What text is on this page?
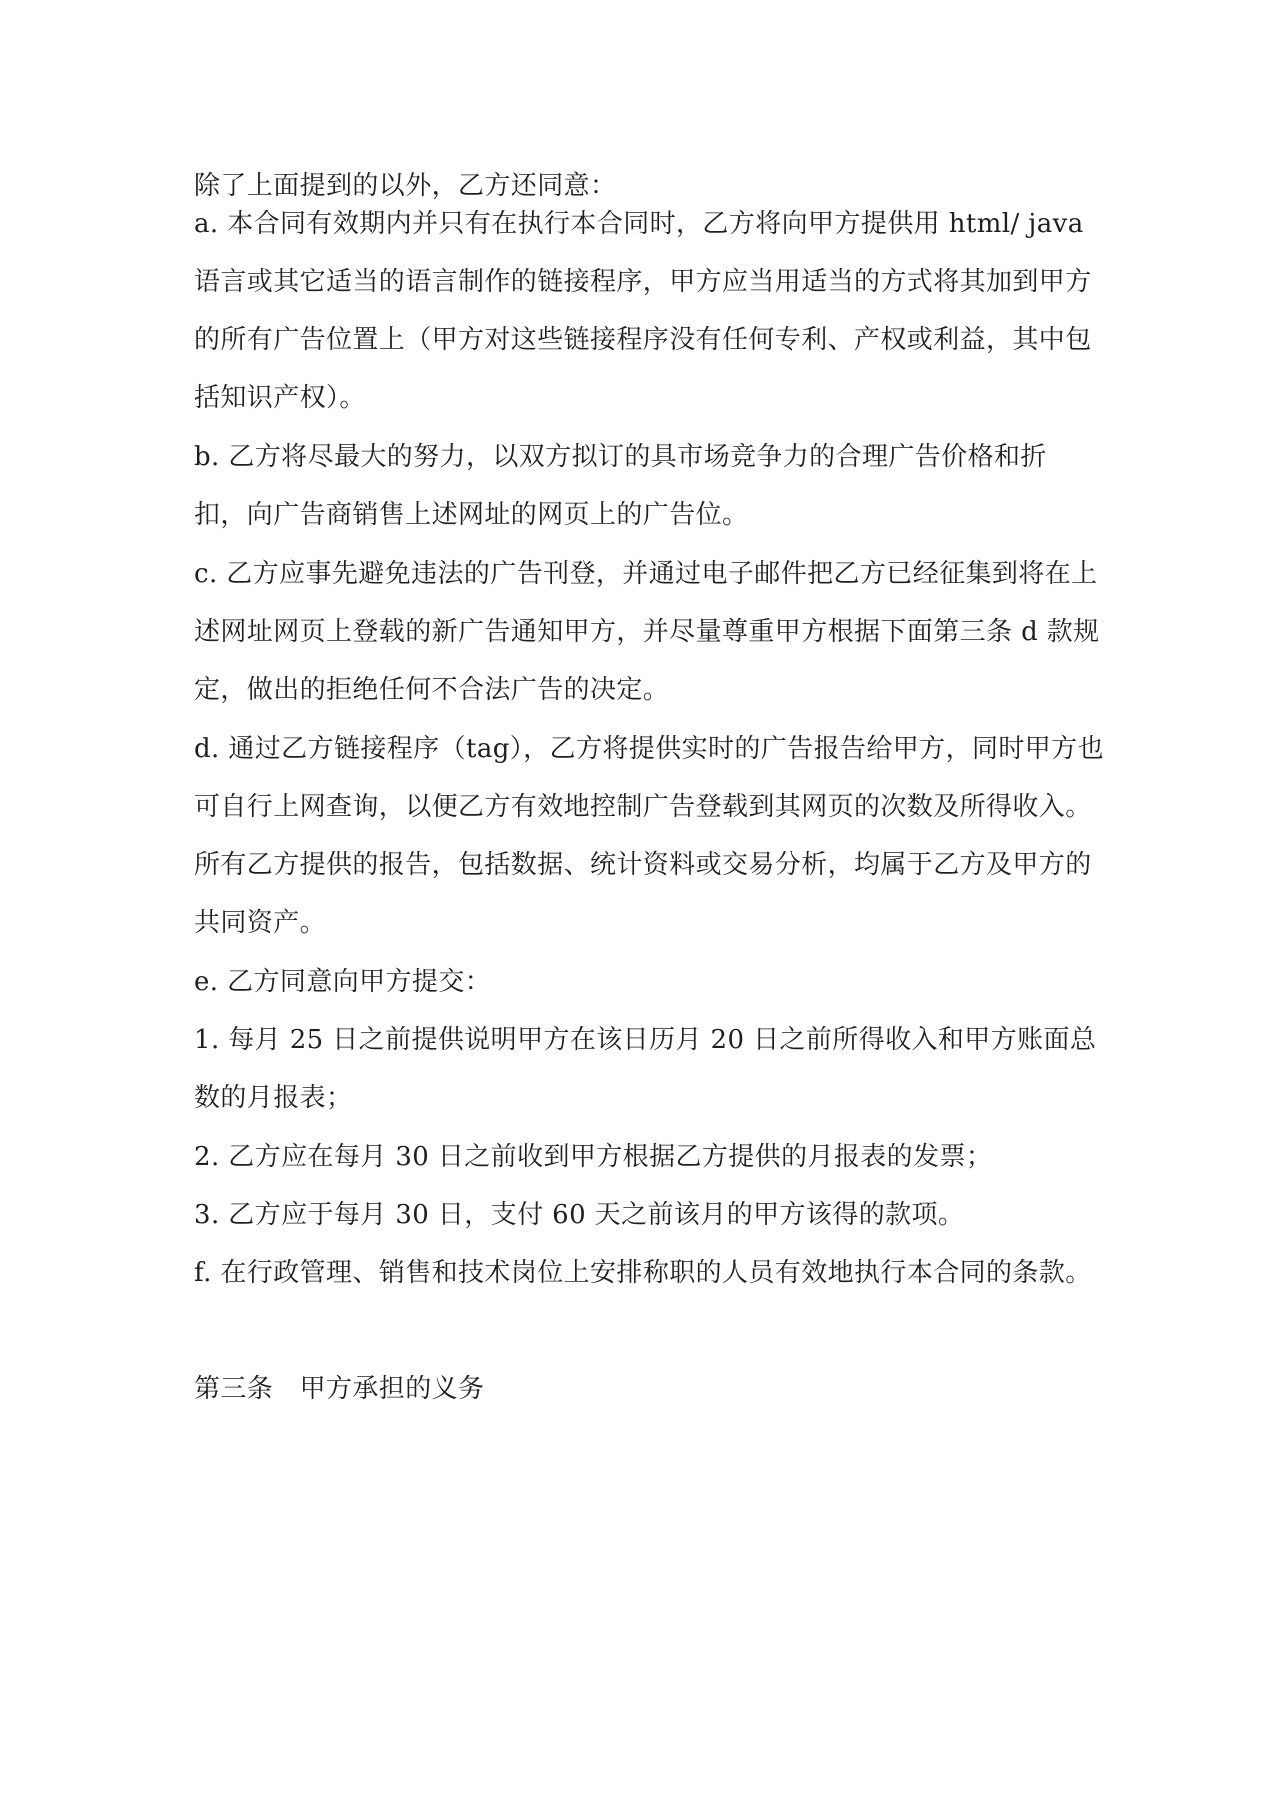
除了上面提到的以外，乙方还同意：
a. 本合同有效期内并只有在执行本合同时，乙方将向甲方提供用 html/ java
语言或其它适当的语言制作的链接程序，甲方应当用适当的方式将其加到甲方
的所有广告位置上（甲方对这些链接程序没有任何专利、产权或利益，其中包
括知识产权）。
b. 乙方将尽最大的努力，以双方拟订的具市场竞争力的合理广告价格和折
扣，向广告商销售上述网址的网页上的广告位。
c. 乙方应事先避免违法的广告刊登，并通过电子邮件把乙方已经征集到将在上
述网址网页上登载的新广告通知甲方，并尽量尊重甲方根据下面第三条 d 款规
定，做出的拒绝任何不合法广告的决定。
d. 通过乙方链接程序（tag），乙方将提供实时的广告报告给甲方，同时甲方也
可自行上网查询，以便乙方有效地控制广告登载到其网页的次数及所得收入。
所有乙方提供的报告，包括数据、统计资料或交易分析，均属于乙方及甲方的
共同资产。
e. 乙方同意向甲方提交：
1. 每月 25 日之前提供说明甲方在该日历月 20 日之前所得收入和甲方账面总
数的月报表；
2. 乙方应在每月 30 日之前收到甲方根据乙方提供的月报表的发票；
3. 乙方应于每月 30 日，支付 60 天之前该月的甲方该得的款项。
f. 在行政管理、销售和技术岗位上安排称职的人员有效地执行本合同的条款。
第三条　甲方承担的义务
